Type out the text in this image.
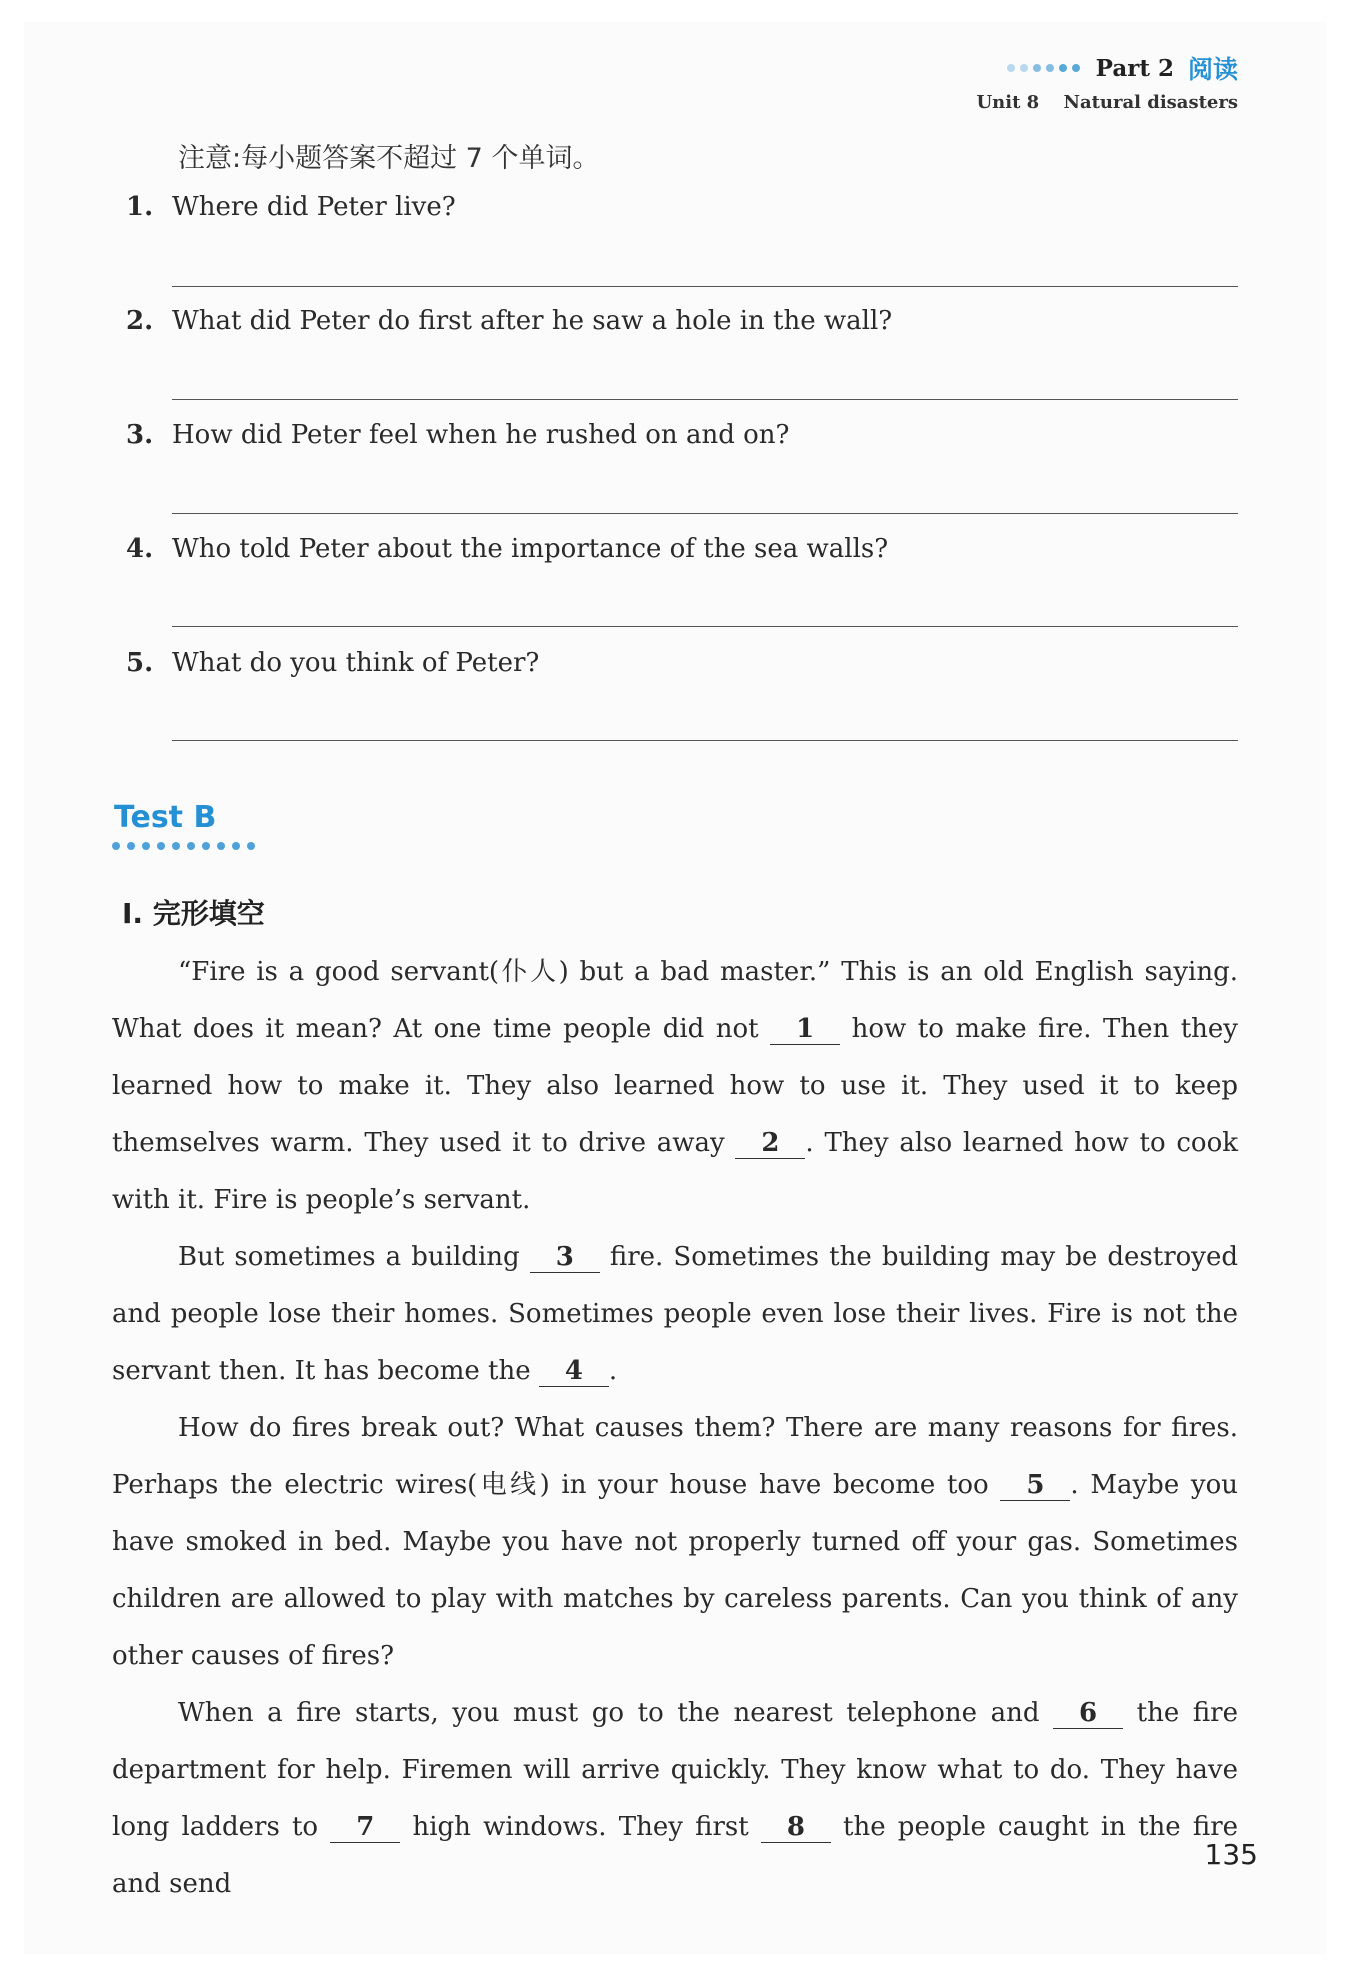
Part 2 阅读
Unit 8 Natural disasters
注意:每小题答案不超过 7 个单词。
1. Where did Peter live?
2. What did Peter do first after he saw a hole in the wall?
3. How did Peter feel when he rushed on and on?
4. Who told Peter about the importance of the sea walls?
5. What do you think of Peter?
Test B
Ⅰ. 完形填空

“Fire is a good servant(仆人) but a bad master.” This is an old English saying. What does it mean? At one time people did not 1 how to make fire. Then they learned how to make it. They also learned how to use it. They used it to keep themselves warm. They used it to drive away 2 . They also learned how to cook with it. Fire is people’s servant.

But sometimes a building 3 fire. Sometimes the building may be destroyed and people lose their homes. Sometimes people even lose their lives. Fire is not the servant then. It has become the 4 .

How do fires break out? What causes them? There are many reasons for fires. Perhaps the electric wires(电线) in your house have become too 5 . Maybe you have smoked in bed. Maybe you have not properly turned off your gas. Sometimes children are allowed to play with matches by careless parents. Can you think of any other causes of fires?

When a fire starts, you must go to the nearest telephone and 6 the fire department for help. Firemen will arrive quickly. They know what to do. They have long ladders to 7 high windows. They first 8 the people caught in the fire and send

135
